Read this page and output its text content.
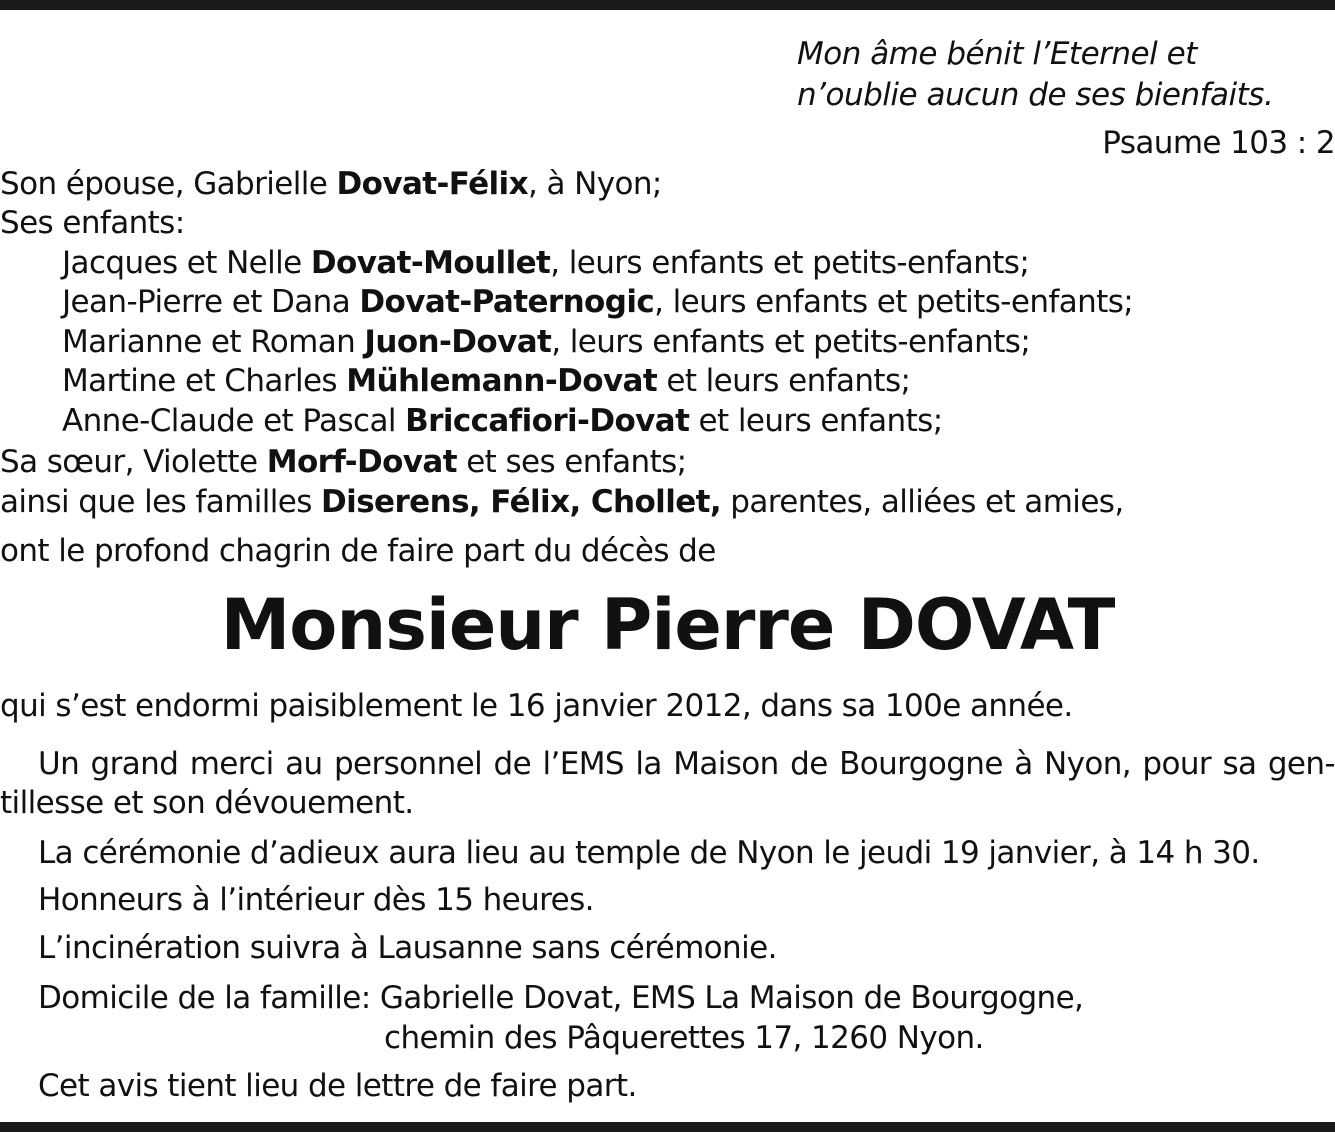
Mon âme bénit l’Eternel et
n’oublie aucun de ses bienfaits.
Psaume 103 : 2
Son épouse, Gabrielle Dovat-Félix, à Nyon;
Ses enfants:
Jacques et Nelle Dovat-Moullet, leurs enfants et petits-enfants;
Jean-Pierre et Dana Dovat-Paternogic, leurs enfants et petits-enfants;
Marianne et Roman Juon-Dovat, leurs enfants et petits-enfants;
Martine et Charles Mühlemann-Dovat et leurs enfants;
Anne-Claude et Pascal Briccafiori-Dovat et leurs enfants;
Sa sœur, Violette Morf-Dovat et ses enfants;
ainsi que les familles Diserens, Félix, Chollet, parentes, alliées et amies,
ont le profond chagrin de faire part du décès de
Monsieur Pierre DOVAT
qui s’est endormi paisiblement le 16 janvier 2012, dans sa 100e année.
Un grand merci au personnel de l’EMS la Maison de Bourgogne à Nyon, pour sa gen-
tillesse et son dévouement.
La cérémonie d’adieux aura lieu au temple de Nyon le jeudi 19 janvier, à 14 h 30.
Honneurs à l’intérieur dès 15 heures.
L’incinération suivra à Lausanne sans cérémonie.
Domicile de la famille: Gabrielle Dovat, EMS La Maison de Bourgogne,
chemin des Pâquerettes 17, 1260 Nyon.
Cet avis tient lieu de lettre de faire part.
